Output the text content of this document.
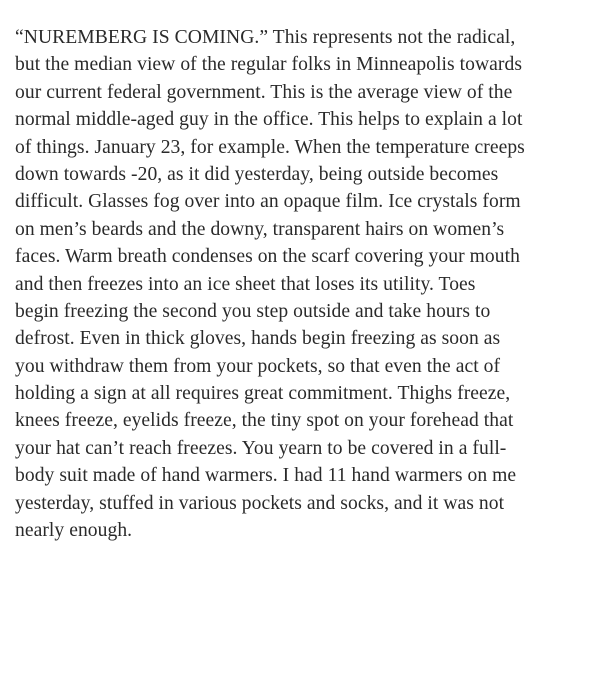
“NUREMBERG IS COMING.” This represents not the radical,
but the median view of the regular folks in Minneapolis towards
our current federal government. This is the average view of the
normal middle-aged guy in the office. This helps to explain a lot
of things. January 23, for example. When the temperature creeps
down towards -20, as it did yesterday, being outside becomes
difficult. Glasses fog over into an opaque film. Ice crystals form
on men’s beards and the downy, transparent hairs on women’s
faces. Warm breath condenses on the scarf covering your mouth
and then freezes into an ice sheet that loses its utility. Toes
begin freezing the second you step outside and take hours to
defrost. Even in thick gloves, hands begin freezing as soon as
you withdraw them from your pockets, so that even the act of
holding a sign at all requires great commitment. Thighs freeze,
knees freeze, eyelids freeze, the tiny spot on your forehead that
your hat can’t reach freezes. You yearn to be covered in a full-
body suit made of hand warmers. I had 11 hand warmers on me
yesterday, stuffed in various pockets and socks, and it was not
nearly enough.
